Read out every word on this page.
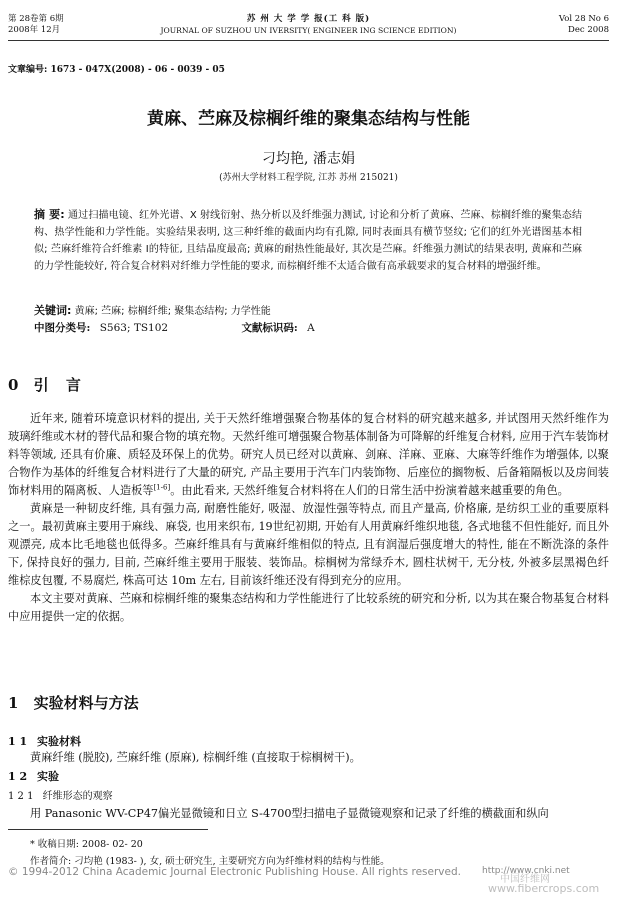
第 28卷第 6期
2008年 12月
苏 州 大 学 学 报(工 科 版)
JOURNAL OF SUZHOU UN IVERSITY( ENGINEER ING SCIENCE EDITION)
Vol 28 No 6
Dec 2008
文章编号: 1673 - 047X(2008) - 06 - 0039 - 05
黄麻、苎麻及棕榈纤维的聚集态结构与性能
刁均艳, 潘志娟
(苏州大学材料工程学院, 江苏 苏州 215021)
摘 要: 通过扫描电镜、红外光谱、X 射线衍射、热分析以及纤维强力测试, 讨论和分析了黄麻、苎麻、棕榈纤维的聚集态结构、热学性能和力学性能。实验结果表明, 这三种纤维的截面内均有孔隙, 同时表面具有横节竖纹; 它们的红外光谱图基本相似; 苎麻纤维符合纤维素 Ⅰ的特征, 且结晶度最高; 黄麻的耐热性能最好, 其次是苎麻。纤维强力测试的结果表明, 黄麻和苎麻的力学性能较好, 符合复合材料对纤维力学性能的要求, 而棕榈纤维不太适合做有高承载要求的复合材料的增强纤维。
关键词: 黄麻; 苎麻; 棕榈纤维; 聚集态结构; 力学性能
中图分类号: S563; TS102	文献标识码: A
0 引 言

近年来, 随着环境意识材料的提出, 关于天然纤维增强聚合物基体的复合材料的研究越来越多, 并试图用天然纤维作为玻璃纤维或木材的替代品和聚合物的填充物。天然纤维可增强聚合物基体制备为可降解的纤维复合材料, 应用于汽车装饰材料等领域, 还具有价廉、质轻及环保上的优势。研究人员已经对以黄麻、剑麻、洋麻、亚麻、大麻等纤维作为增强体, 以聚合物作为基体的纤维复合材料进行了大量的研究, 产品主要用于汽车门内装饰物、后座位的搁物板、后备箱隔板以及房间装饰材料用的隔离板、人造板等[1-6]。由此看来, 天然纤维复合材料将在人们的日常生活中扮演着越来越重要的角色。

黄麻是一种韧皮纤维, 具有强力高, 耐磨性能好, 吸湿、放湿性强等特点, 而且产量高, 价格廉, 是纺织工业的重要原料之一。最初黄麻主要用于麻线、麻袋, 也用来织布, 19世纪初期, 开始有人用黄麻纤维织地毯, 各式地毯不但性能好, 而且外观漂亮, 成本比毛地毯也低得多。苎麻纤维具有与黄麻纤维相似的特点, 且有润湿后强度增大的特性, 能在不断洗涤的条件下, 保持良好的强力, 目前, 苎麻纤维主要用于服装、装饰品。棕榈树为常绿乔木, 圆柱状树干, 无分枝, 外被多层黑褐色纤维棕皮包覆, 不易腐烂, 株高可达 10m 左右, 目前该纤维还没有得到充分的应用。

本文主要对黄麻、苎麻和棕榈纤维的聚集态结构和力学性能进行了比较系统的研究和分析, 以为其在聚合物基复合材料中应用提供一定的依据。

1 实验材料与方法
1 1 实验材料
黄麻纤维 (脱胶), 苎麻纤维 (原麻), 棕榈纤维 (直接取于棕榈树干)。
1 2 实验
1 2 1 纤维形态的观察
用 Panasonic WV-CP47偏光显微镜和日立 S-4700型扫描电子显微镜观察和记录了纤维的横截面和纵向
* 收稿日期: 2008- 02- 20
作者简介: 刁均艳 (1983- ), 女, 硕士研究生, 主要研究方向为纤维材料的结构与性能。
© 1994-2012 China Academic Journal Electronic Publishing House. All rights reserved. http://www.cnki.net
中国纤维网
www.fibercrops.com
